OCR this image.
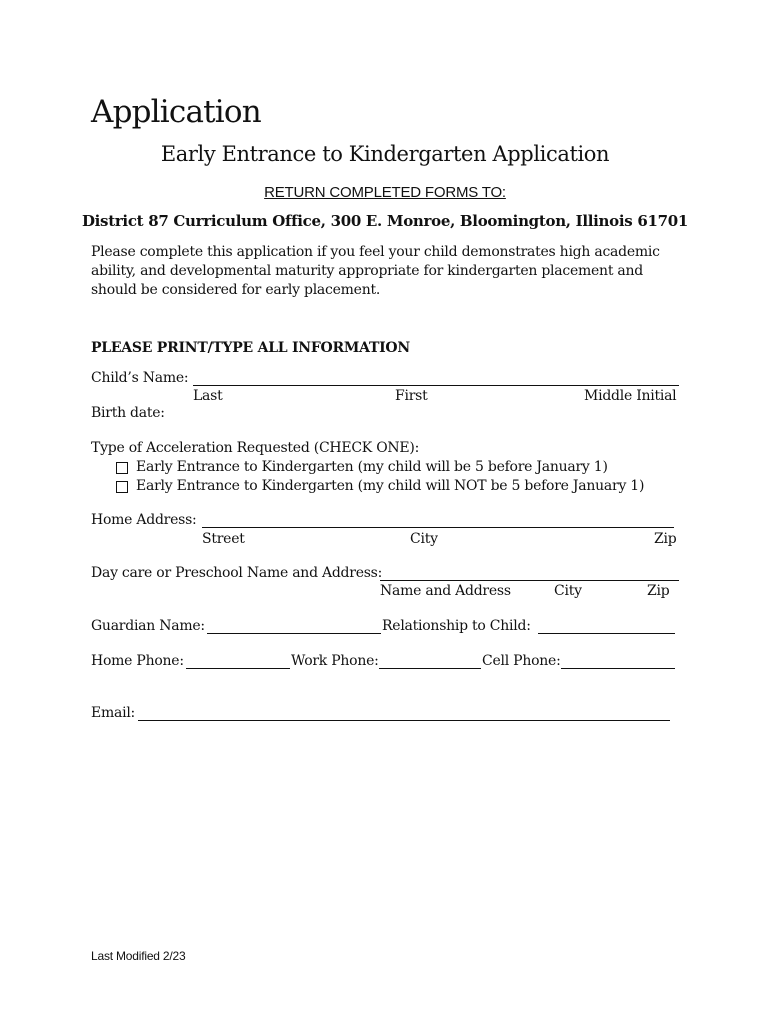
Application
Early Entrance to Kindergarten Application
RETURN COMPLETED FORMS TO:
District 87 Curriculum Office, 300 E. Monroe, Bloomington, Illinois 61701
Please complete this application if you feel your child demonstrates high academic ability, and developmental maturity appropriate for kindergarten placement and should be considered for early placement.
PLEASE PRINT/TYPE ALL INFORMATION
Child’s Name:
Last	First	Middle Initial
Birth date:
Type of Acceleration Requested (CHECK ONE):
Early Entrance to Kindergarten (my child will be 5 before January 1)
Early Entrance to Kindergarten (my child will NOT be 5 before January 1)
Home Address:
Street	City	Zip
Day care or Preschool Name and Address:
Name and Address	City	Zip
Guardian Name:	Relationship to Child:
Home Phone:	Work Phone:	Cell Phone:
Email:
Last Modified 2/23
